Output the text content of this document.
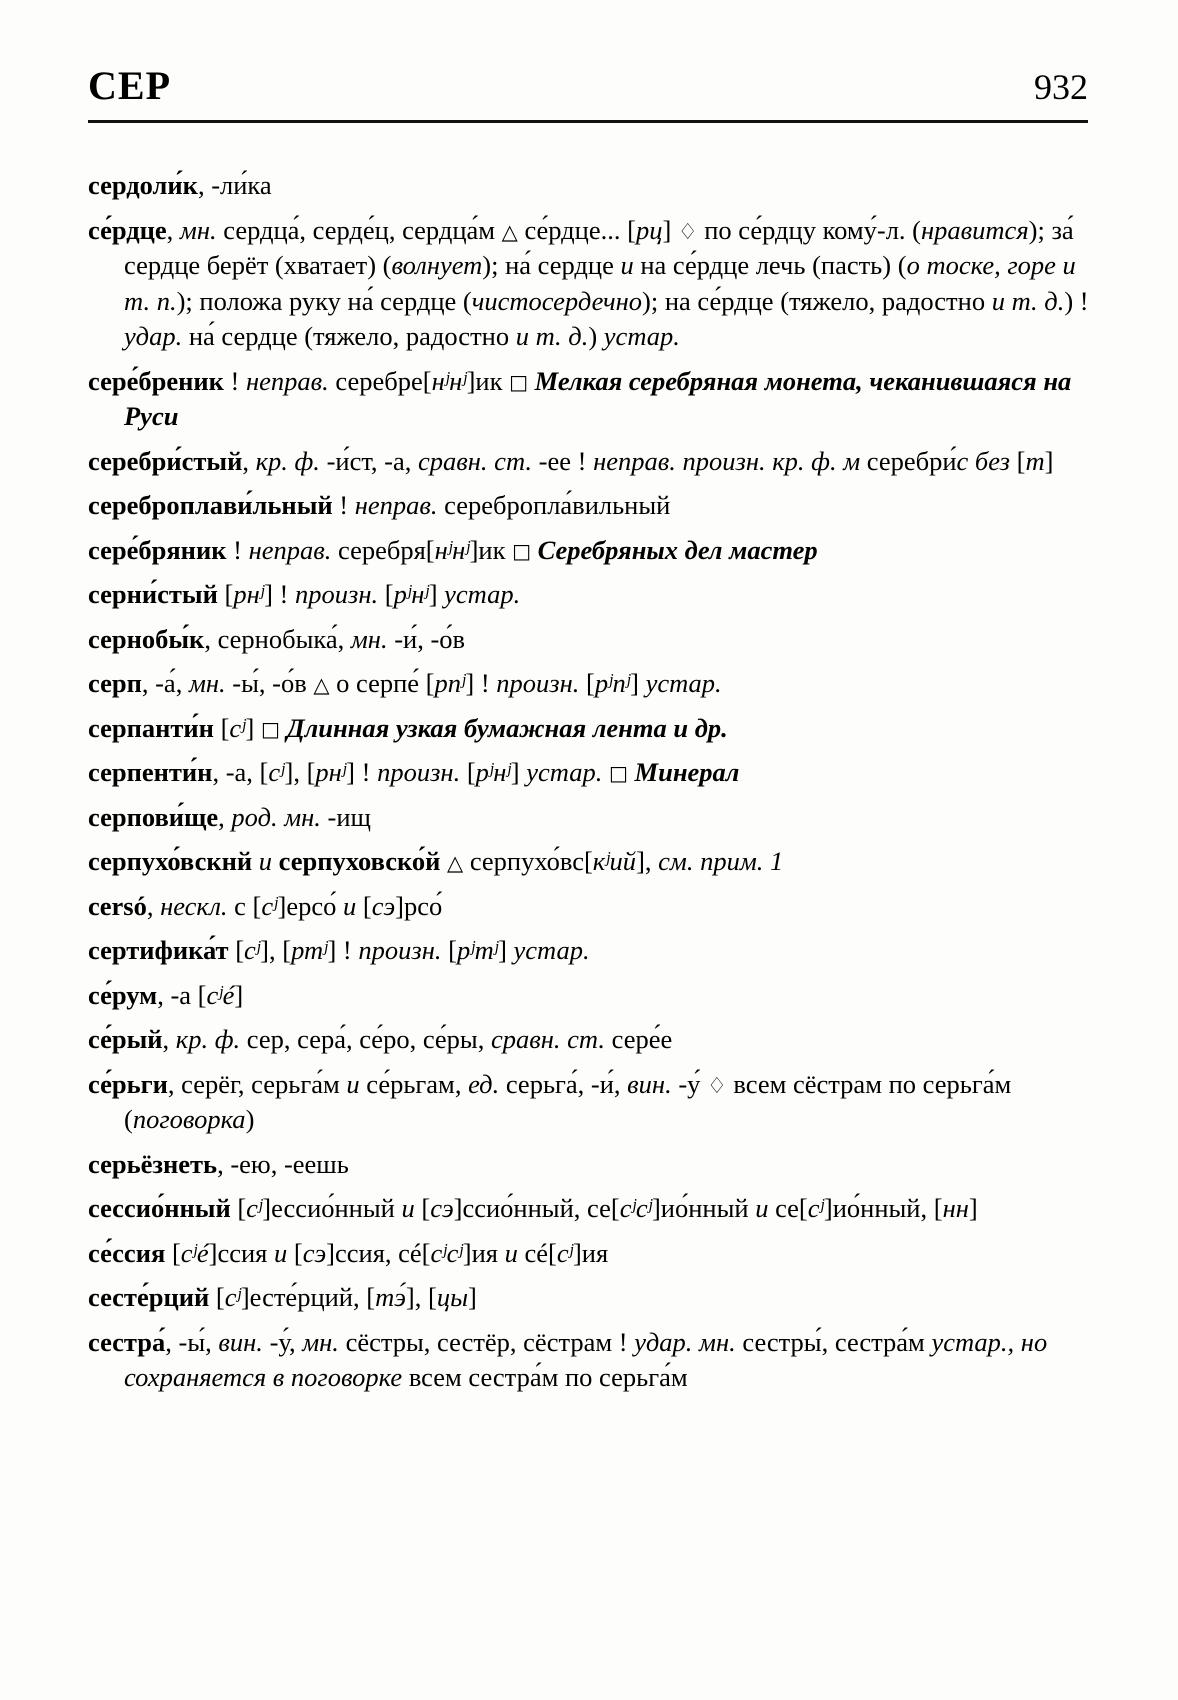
СЕР	932
сердоли́к, -ли́ка
се́рдце, мн. сердца́, серде́ц, сердца́м △ се́рдце... [рц] ♢ по се́рдцу кому́-л. (нравится); за́ сердце берёт (хватает) (волнует); на́ сердце и на се́рдце лечь (пасть) (о тоске, горе и т. п.); положа руку на́ сердце (чистосердечно); на се́рдце (тяжело, радостно и т. д.) ! удар. на́ сердце (тяжело, радостно и т. д.) устар.
сере́бреник ! неправ. серебре[нʲнʲ]ик □ Мелкая серебряная монета, чеканившаяся на Руси
серебри́стый, кр. ф. -и́ст, -а, сравн. ст. -ее ! неправ. произн. кр. ф. м серебри́с без [т]
сереброплави́льный ! неправ. серебропла́вильный
сере́бряник ! неправ. серебря[нʲнʲ]ик □ Серебряных дел мастер
серни́стый [рнʲ] ! произн. [рʲнʲ] устар.
сернобы́к, сернобыка́, мн. -и́, -о́в
серп, -а́, мн. -ы́, -о́в △ о серпе́ [рпʲ] ! произн. [рʲпʲ] устар.
серпанти́н [сʲ] □ Длинная узкая бумажная лента и др.
серпенти́н, -а, [сʲ], [рнʲ] ! произн. [рʲнʲ] устар. □ Минерал
серпови́ще, род. мн. -ищ
серпухо́вскнй и серпуховско́й △ серпухо́вс[кʲий], см. прим. 1
сersó, нескл. с [сʲ]ерсо́ и [сэ]рсо́
сертифика́т [сʲ], [ртʲ] ! произн. [рʲтʲ] устар.
се́рум, -а [сʲé]
се́рый, кр. ф. сер, сера́, се́ро, се́ры, сравн. ст. сере́е
се́рьги, серёг, серьга́м и се́рьгам, ед. серьга́, -и́, вин. -у́ ♢ всем сёстрам по серьга́м (поговорка)
серьёзнеть, -ею, -еешь
сессио́нный [сʲ]ессио́нный и [сэ]ссио́нный, се[сʲсʲ]ио́нный и се[сʲ]ио́нный, [нн]
се́ссия [сʲé]ссия и [сэ]ссия, сé[сʲсʲ]ия и сé[сʲ]ия
сесте́рций [сʲ]есте́рций, [тэ́], [цы]
сестра́, -ы́, вин. -у́, мн. сёстры, сестёр, сёстрам ! удар. мн. сестры́, сестра́м устар., но сохраняется в поговорке всем сестра́м по серьга́м
